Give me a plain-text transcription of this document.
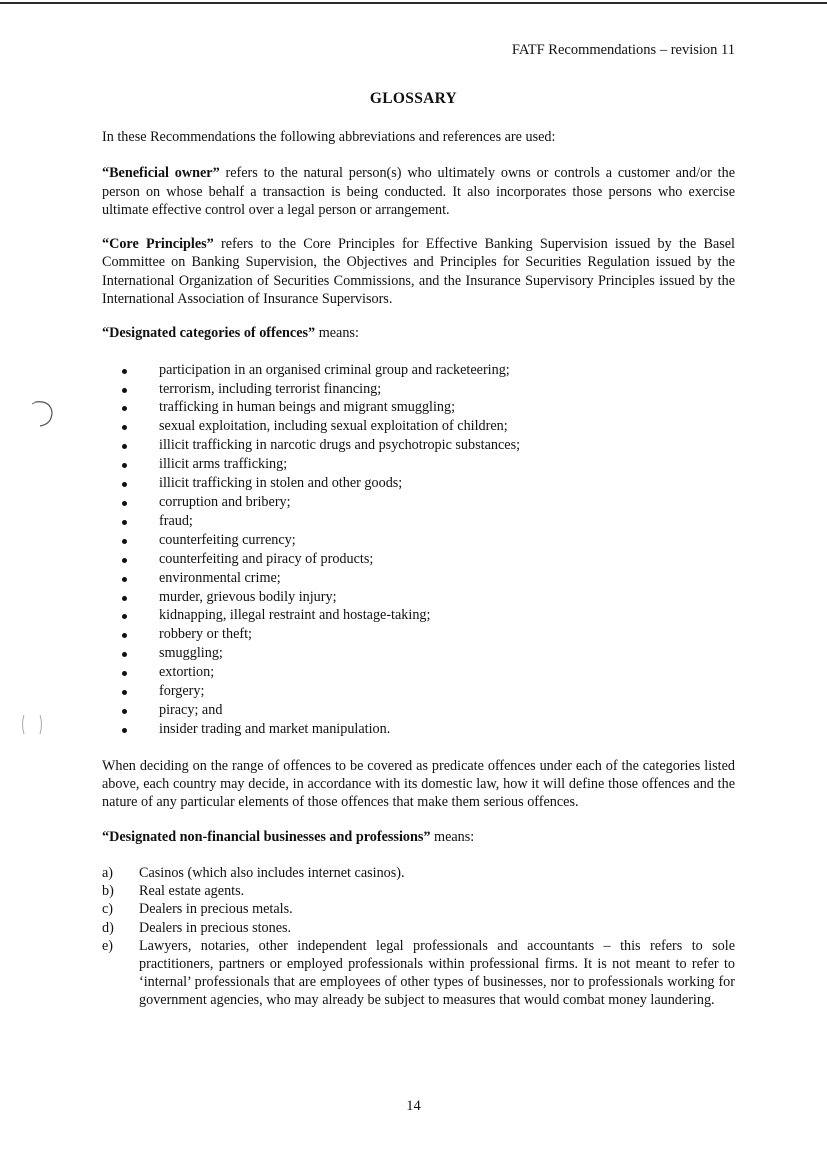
FATF Recommendations – revision 11
GLOSSARY

In these Recommendations the following abbreviations and references are used:

“Beneficial owner” refers to the natural person(s) who ultimately owns or controls a customer and/or the person on whose behalf a transaction is being conducted. It also incorporates those persons who exercise ultimate effective control over a legal person or arrangement.

“Core Principles” refers to the Core Principles for Effective Banking Supervision issued by the Basel Committee on Banking Supervision, the Objectives and Principles for Securities Regulation issued by the International Organization of Securities Commissions, and the Insurance Supervisory Principles issued by the International Association of Insurance Supervisors.

“Designated categories of offences” means:

participation in an organised criminal group and racketeering;
terrorism, including terrorist financing;
trafficking in human beings and migrant smuggling;
sexual exploitation, including sexual exploitation of children;
illicit trafficking in narcotic drugs and psychotropic substances;
illicit arms trafficking;
illicit trafficking in stolen and other goods;
corruption and bribery;
fraud;
counterfeiting currency;
counterfeiting and piracy of products;
environmental crime;
murder, grievous bodily injury;
kidnapping, illegal restraint and hostage-taking;
robbery or theft;
smuggling;
extortion;
forgery;
piracy; and
insider trading and market manipulation.

When deciding on the range of offences to be covered as predicate offences under each of the categories listed above, each country may decide, in accordance with its domestic law, how it will define those offences and the nature of any particular elements of those offences that make them serious offences.

“Designated non-financial businesses and professions” means:

a) Casinos (which also includes internet casinos).
b) Real estate agents.
c) Dealers in precious metals.
d) Dealers in precious stones.
e) Lawyers, notaries, other independent legal professionals and accountants – this refers to sole practitioners, partners or employed professionals within professional firms. It is not meant to refer to ‘internal’ professionals that are employees of other types of businesses, nor to professionals working for government agencies, who may already be subject to measures that would combat money laundering.
14
